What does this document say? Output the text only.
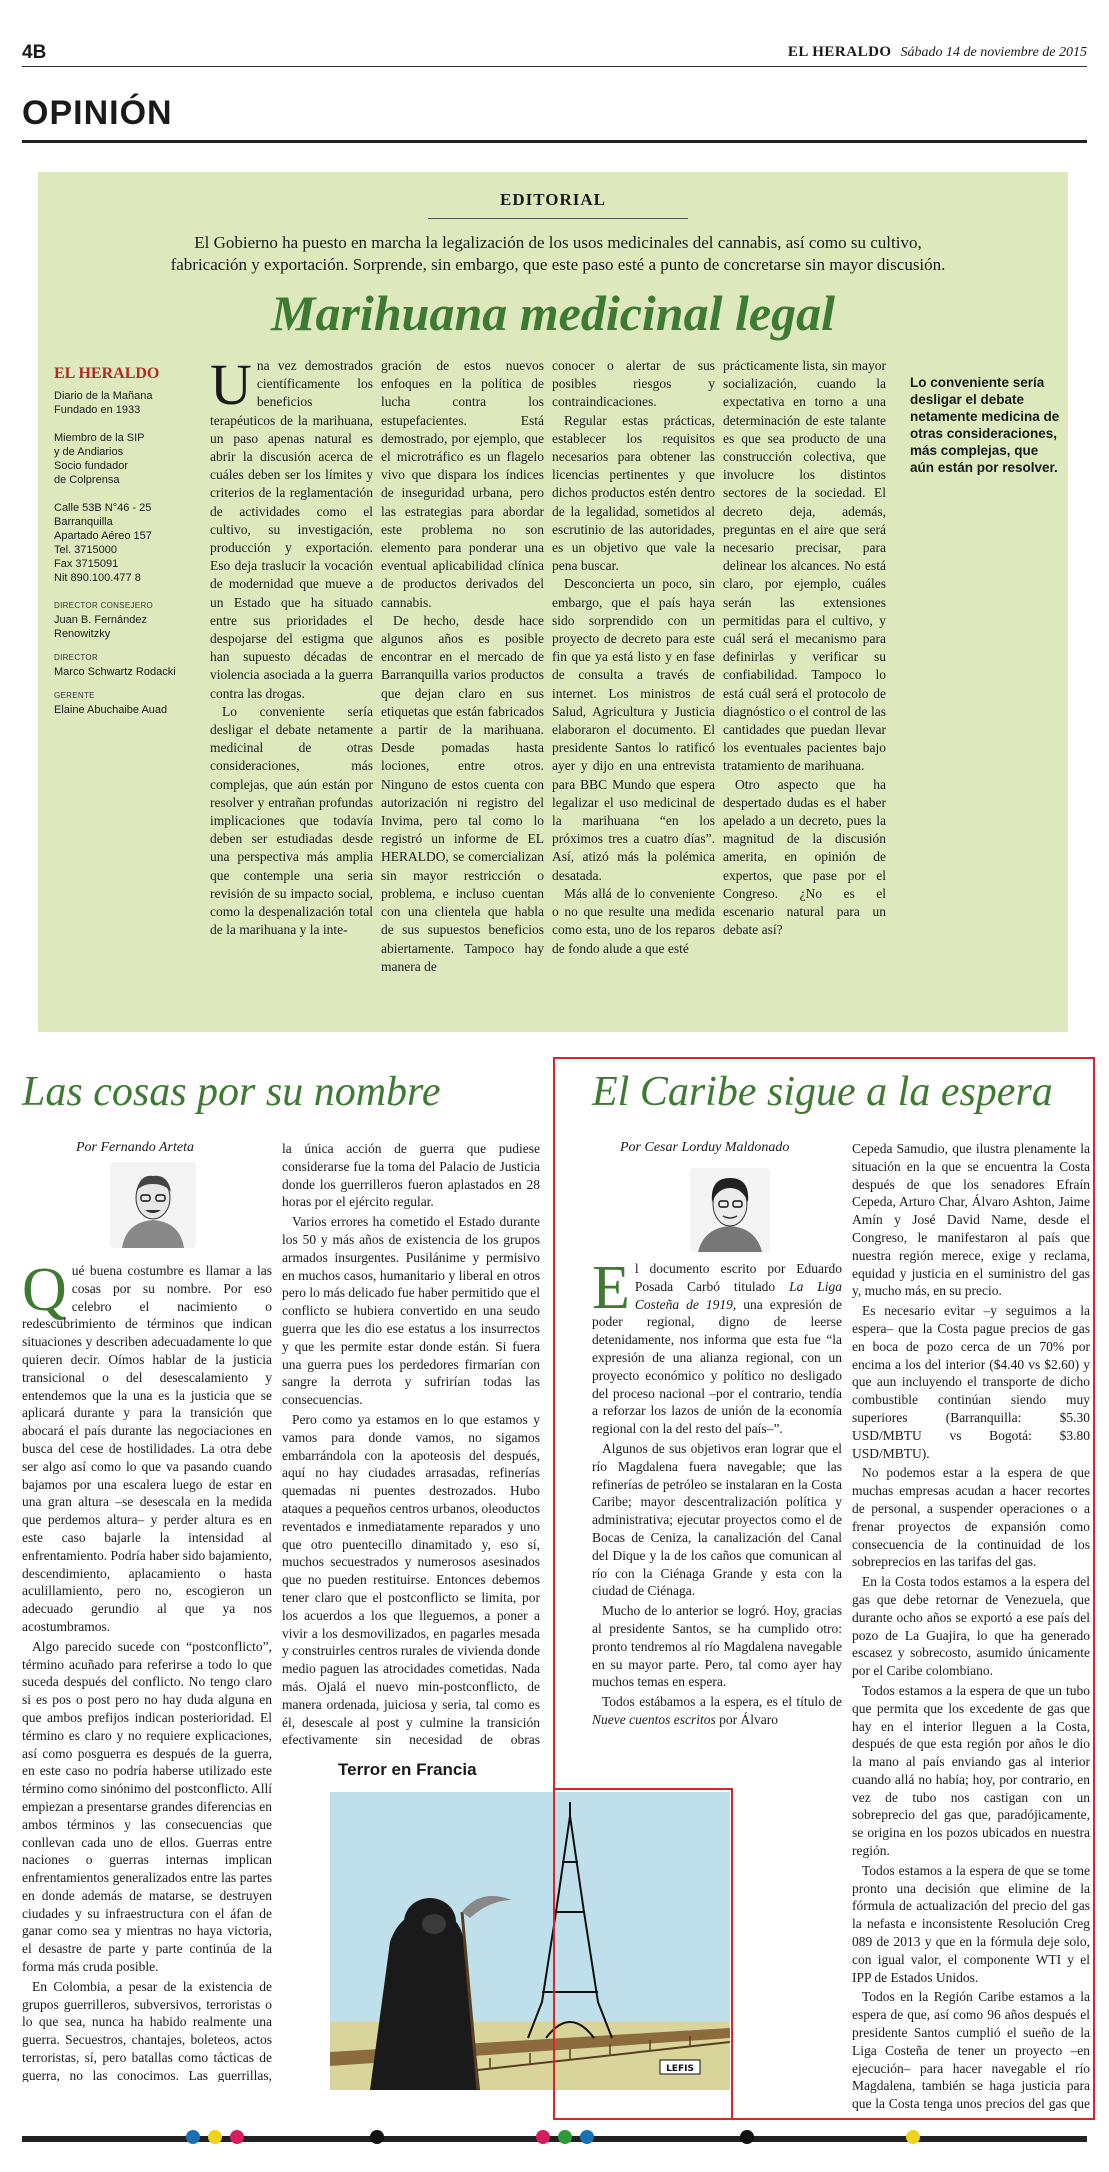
4B	EL HERALDO Sábado 14 de noviembre de 2015
OPINIÓN
EDITORIAL
El Gobierno ha puesto en marcha la legalización de los usos medicinales del cannabis, así como su cultivo, fabricación y exportación. Sorprende, sin embargo, que este paso esté a punto de concretarse sin mayor discusión.
Marihuana medicinal legal
EL HERALDO
Diario de la Mañana
Fundado en 1933
Miembro de la SIP
y de Andiarios
Socio fundador
de Colprensa
Calle 53B N°46 - 25
Barranquilla
Apartado Aéreo 157
Tel. 3715000
Fax 3715091
Nit 890.100.477 8
DIRECTOR CONSEJERO
Juan B. Fernández Renowitzky
DIRECTOR
Marco Schwartz Rodacki
GERENTE
Elaine Abuchaibe Auad

Una vez demostrados científicamente los beneficios terapéuticos de la marihuana, un paso apenas natural es abrir la discusión acerca de cuáles deben ser los límites y criterios de la reglamentación de actividades como el cultivo, su investigación, producción y exportación. Eso deja traslucir la vocación de modernidad que mueve a un Estado que ha situado entre sus prioridades el despojarse del estigma que han supuesto décadas de violencia asociada a la guerra contra las drogas.

Lo conveniente sería desligar el debate netamente medicinal de otras consideraciones, más complejas, que aún están por resolver y entrañan profundas implicaciones que todavía deben ser estudiadas desde una perspectiva más amplia que contemple una seria revisión de su impacto social, como la despenalización total de la marihuana y la inte-

gración de estos nuevos enfoques en la política de lucha contra los estupefacientes. Está demostrado, por ejemplo, que el microtráfico es un flagelo vivo que dispara los índices de inseguridad urbana, pero las estrategias para abordar este problema no son elemento para ponderar una eventual aplicabilidad clínica de productos derivados del cannabis.

De hecho, desde hace algunos años es posible encontrar en el mercado de Barranquilla varios productos que dejan claro en sus etiquetas que están fabricados a partir de la marihuana. Desde pomadas hasta lociones, entre otros. Ninguno de estos cuenta con autorización ni registro del Invima, pero tal como lo registró un informe de EL HERALDO, se comercializan sin mayor restricción o problema, e incluso cuentan con una clientela que habla de sus supuestos beneficios abiertamente. Tampoco hay manera de

conocer o alertar de sus posibles riesgos y contraindicaciones.

Regular estas prácticas, establecer los requisitos necesarios para obtener las licencias pertinentes y que dichos productos estén dentro de la legalidad, sometidos al escrutinio de las autoridades, es un objetivo que vale la pena buscar.

Desconcierta un poco, sin embargo, que el país haya sido sorprendido con un proyecto de decreto para este fin que ya está listo y en fase de consulta a través de internet. Los ministros de Salud, Agricultura y Justicia elaboraron el documento. El presidente Santos lo ratificó ayer y dijo en una entrevista para BBC Mundo que espera legalizar el uso medicinal de la marihuana “en los próximos tres a cuatro días”. Así, atizó más la polémica desatada.

Más allá de lo conveniente o no que resulte una medida como esta, uno de los reparos de fondo alude a que esté

prácticamente lista, sin mayor socialización, cuando la expectativa en torno a una determinación de este talante es que sea producto de una construcción colectiva, que involucre los distintos sectores de la sociedad. El decreto deja, además, preguntas en el aire que será necesario precisar, para delinear los alcances. No está claro, por ejemplo, cuáles serán las extensiones permitidas para el cultivo, y cuál será el mecanismo para definirlas y verificar su confiabilidad. Tampoco lo está cuál será el protocolo de diagnóstico o el control de las cantidades que puedan llevar los eventuales pacientes bajo tratamiento de marihuana.

Otro aspecto que ha despertado dudas es el haber apelado a un decreto, pues la magnitud de la discusión amerita, en opinión de expertos, que pase por el Congreso. ¿No es el escenario natural para un debate así?

Lo conveniente sería desligar el debate netamente medicina de otras consideraciones, más complejas, que aún están por resolver.
Las cosas por su nombre
Por Fernando Arteta

Qué buena costumbre es llamar a las cosas por su nombre. Por eso celebro el nacimiento o redescubrimiento de términos que indican situaciones y describen adecuadamente lo que quieren decir. Oímos hablar de la justicia transicional o del desescalamiento y entendemos que la una es la justicia que se aplicará durante y para la transición que abocará el país durante las negociaciones en busca del cese de hostilidades. La otra debe ser algo así como lo que va pasando cuando bajamos por una escalera luego de estar en una gran altura –se desescala en la medida que perdemos altura– y perder altura es en este caso bajarle la intensidad al enfrentamiento. Podría haber sido bajamiento, descendimiento, aplacamiento o hasta aculillamiento, pero no, escogieron un adecuado gerundio al que ya nos acostumbramos.

Algo parecido sucede con “postconflicto”, término acuñado para referirse a todo lo que suceda después del conflicto. No tengo claro si es pos o post pero no hay duda alguna en que ambos prefijos indican posterioridad. El término es claro y no requiere explicaciones, así como posguerra es después de la guerra, en este caso no podría haberse utilizado este término como sinónimo del postconflicto. Allí empiezan a presentarse grandes diferencias en ambos términos y las consecuencias que conllevan cada uno de ellos. Guerras entre naciones o guerras internas implican enfrentamientos generalizados entre las partes en donde además de matarse, se destruyen ciudades y su infraestructura con el áfan de ganar como sea y mientras no haya victoria, el desastre de parte y parte continúa de la forma más cruda posible.

En Colombia, a pesar de la existencia de grupos guerrilleros, subversivos, terroristas o lo que sea, nunca ha habido realmente una guerra. Secuestros, chantajes, boleteos, actos terroristas, sí, pero batallas como tácticas de guerra, no las conocimos. Las guerrillas,

la única acción de guerra que pudiese considerarse fue la toma del Palacio de Justicia donde los guerrilleros fueron aplastados en 28 horas por el ejército regular.

Varios errores ha cometido el Estado durante los 50 y más años de existencia de los grupos armados insurgentes. Pusilánime y permisivo en muchos casos, humanitario y liberal en otros pero lo más delicado fue haber permitido que el conflicto se hubiera convertido en una seudo guerra que les dio ese estatus a los insurrectos y que les permite estar donde están. Si fuera una guerra pues los perdedores firmarían con sangre la derrota y sufrirían todas las consecuencias.

Pero como ya estamos en lo que estamos y vamos para donde vamos, no sigamos embarrándola con la apoteosis del después, aquí no hay ciudades arrasadas, refinerías quemadas ni puentes destrozados. Hubo ataques a pequeños centros urbanos, oleoductos reventados e inmediatamente reparados y uno que otro puentecillo dinamitado y, eso sí, muchos secuestrados y numerosos asesinados que no pueden restituirse. Entonces debemos tener claro que el postconflicto se limita, por los acuerdos a los que lleguemos, a poner a vivir a los desmovilizados, en pagarles mesada y construirles centros rurales de vivienda donde medio paguen las atrocidades cometidas. Nada más. Ojalá el nuevo min-postconflicto, de manera ordenada, juiciosa y seria, tal como es él, desescale al post y culmine la transición efectivamente sin necesidad de obras

Terror en Francia
LEFIS
El Caribe sigue a la espera
Por Cesar Lorduy Maldonado

El documento escrito por Eduardo Posada Carbó titulado La Liga Costeña de 1919, una expresión de poder regional, digno de leerse detenidamente, nos informa que esta fue “la expresión de una alianza regional, con un proyecto económico y político no desligado del proceso nacional –por el contrario, tendía a reforzar los lazos de unión de la economía regional con la del resto del país–”.

Algunos de sus objetivos eran lograr que el río Magdalena fuera navegable; que las refinerías de petróleo se instalaran en la Costa Caribe; mayor descentralización política y administrativa; ejecutar proyectos como el de Bocas de Ceniza, la canalización del Canal del Dique y la de los caños que comunican al río con la Ciénaga Grande y esta con la ciudad de Ciénaga.

Mucho de lo anterior se logró. Hoy, gracias al presidente Santos, se ha cumplido otro: pronto tendremos al río Magdalena navegable en su mayor parte. Pero, tal como ayer hay muchos temas en espera.

Todos estábamos a la espera, es el título de Nueve cuentos escritos por Álvaro

Cepeda Samudio, que ilustra plenamente la situación en la que se encuentra la Costa después de que los senadores Efraín Cepeda, Arturo Char, Álvaro Ashton, Jaime Amín y José David Name, desde el Congreso, le manifestaron al país que nuestra región merece, exige y reclama, equidad y justicia en el suministro del gas y, mucho más, en su precio.

Es necesario evitar –y seguimos a la espera– que la Costa pague precios de gas en boca de pozo cerca de un 70% por encima a los del interior ($4.40 vs $2.60) y que aun incluyendo el transporte de dicho combustible continúan siendo muy superiores (Barranquilla: $5.30 USD/MBTU vs Bogotá: $3.80 USD/MBTU).

No podemos estar a la espera de que muchas empresas acudan a hacer recortes de personal, a suspender operaciones o a frenar proyectos de expansión como consecuencia de la continuidad de los sobreprecios en las tarifas del gas.

En la Costa todos estamos a la espera del gas que debe retornar de Venezuela, que durante ocho años se exportó a ese país del pozo de La Guajira, lo que ha generado escasez y sobrecosto, asumido únicamente por el Caribe colombiano.

Todos estamos a la espera de que un tubo que permita que los excedente de gas que hay en el interior lleguen a la Costa, después de que esta región por años le dio la mano al país enviando gas al interior cuando allá no había; hoy, por contrario, en vez de tubo nos castigan con un sobreprecio del gas que, paradójicamente, se origina en los pozos ubicados en nuestra región.

Todos estamos a la espera de que se tome pronto una decisión que elimine de la fórmula de actualización del precio del gas la nefasta e inconsistente Resolución Creg 089 de 2013 y que en la fórmula deje solo, con igual valor, el componente WTI y el IPP de Estados Unidos.

Todos en la Región Caribe estamos a la espera de que, así como 96 años después el presidente Santos cumplió el sueño de la Liga Costeña de tener un proyecto –en ejecución– para hacer navegable el río Magdalena, también se haga justicia para que la Costa tenga unos precios del gas que
